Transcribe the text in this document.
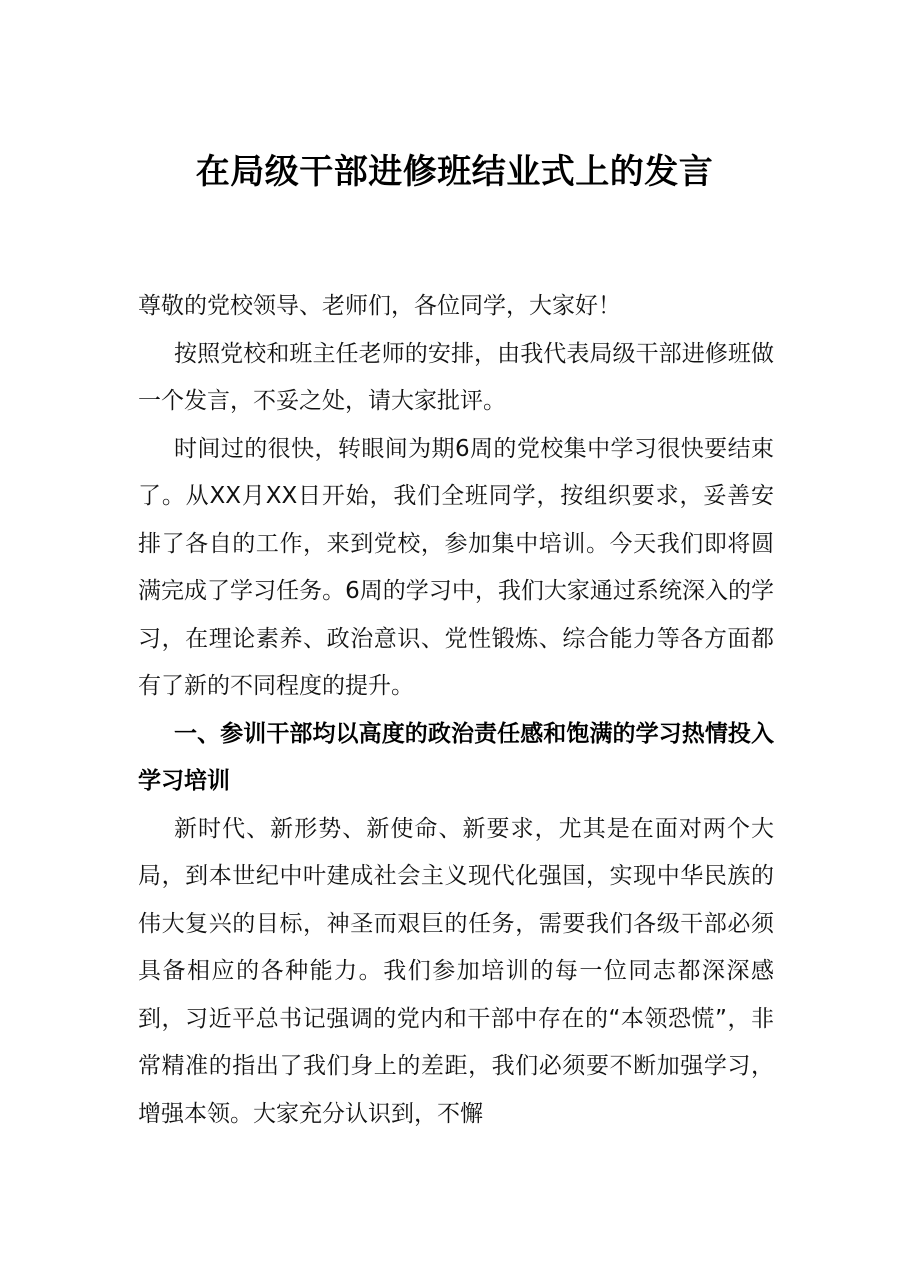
在局级干部进修班结业式上的发言

尊敬的党校领导、老师们，各位同学，大家好！

按照党校和班主任老师的安排，由我代表局级干部进修班做一个发言，不妥之处，请大家批评。

时间过的很快，转眼间为期6周的党校集中学习很快要结束了。从XX月XX日开始，我们全班同学，按组织要求，妥善安排了各自的工作，来到党校，参加集中培训。今天我们即将圆满完成了学习任务。6周的学习中，我们大家通过系统深入的学习，在理论素养、政治意识、党性锻炼、综合能力等各方面都有了新的不同程度的提升。

一、参训干部均以高度的政治责任感和饱满的学习热情投入学习培训

新时代、新形势、新使命、新要求，尤其是在面对两个大局，到本世纪中叶建成社会主义现代化强国，实现中华民族的伟大复兴的目标，神圣而艰巨的任务，需要我们各级干部必须具备相应的各种能力。我们参加培训的每一位同志都深深感到，习近平总书记强调的党内和干部中存在的“本领恐慌”，非常精准的指出了我们身上的差距，我们必须要不断加强学习，增强本领。大家充分认识到，不懈
